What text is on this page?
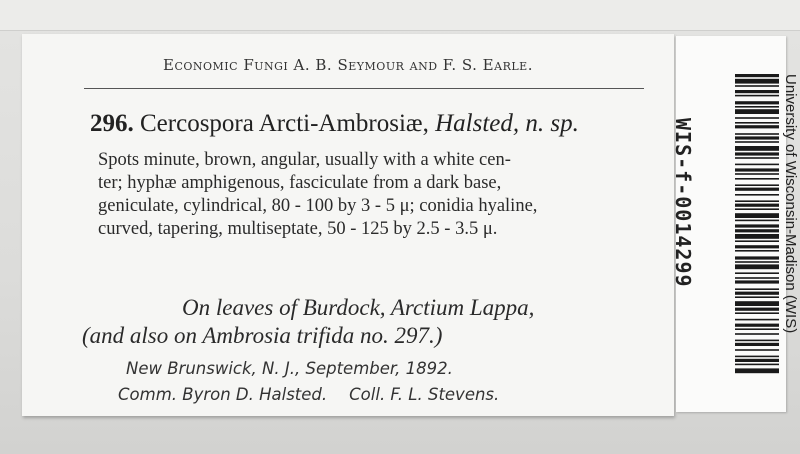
Economic Fungi A. B. Seymour and F. S. Earle.
296. Cercospora Arcti-Ambrosiæ, Halsted, n. sp.
Spots minute, brown, angular, usually with a white cen-
ter; hyphæ amphigenous, fasciculate from a dark base,
geniculate, cylindrical, 80 - 100 by 3 - 5 μ; conidia hyaline,
curved, tapering, multiseptate, 50 - 125 by 2.5 - 3.5 μ.
On leaves of Burdock, Arctium Lappa,
(and also on Ambrosia trifida no. 297.)
New Brunswick, N. J., September, 1892.
Comm. Byron D. Halsted. Coll. F. L. Stevens.
WIS-f-0014299	University of Wisconsin-Madison (WIS)
